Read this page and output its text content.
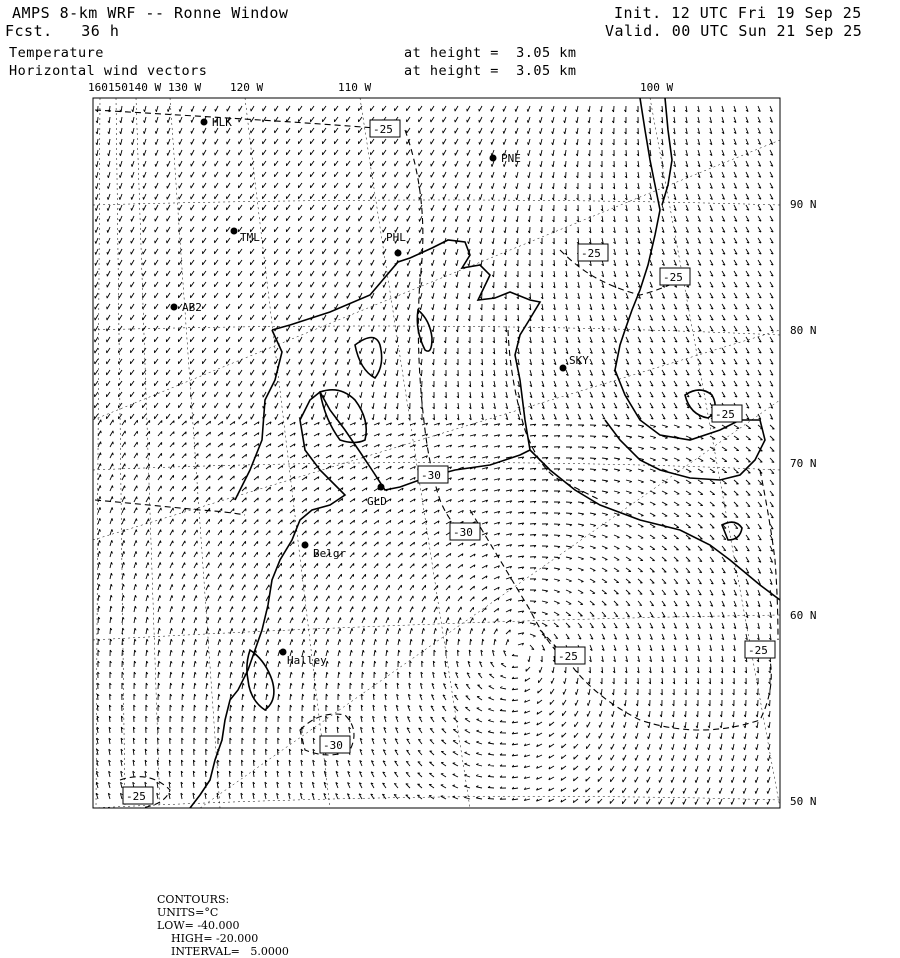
AMPS 8-km WRF -- Ronne Window	Init. 12 UTC Fri 19 Sep 25
Fcst.   36 h	Valid. 00 UTC Sun 21 Sep 25
Temperature
Horizontal wind vectors
at height =  3.05 km
at height =  3.05 km
-25
-25
-25
-30
-30
-25	-25
-30
-25
-25
HLK
PNE
TML	PHL
AB2
SKY
GLD
Belgr
Halley
160 150 140 W 130 W	120 W	110 W	100 W
90 N
80 N
70 N
60 N
50 N

CONTOURS:
UNITS=°C
LOW= -40.000
HIGH= -20.000
INTERVAL=   5.0000
